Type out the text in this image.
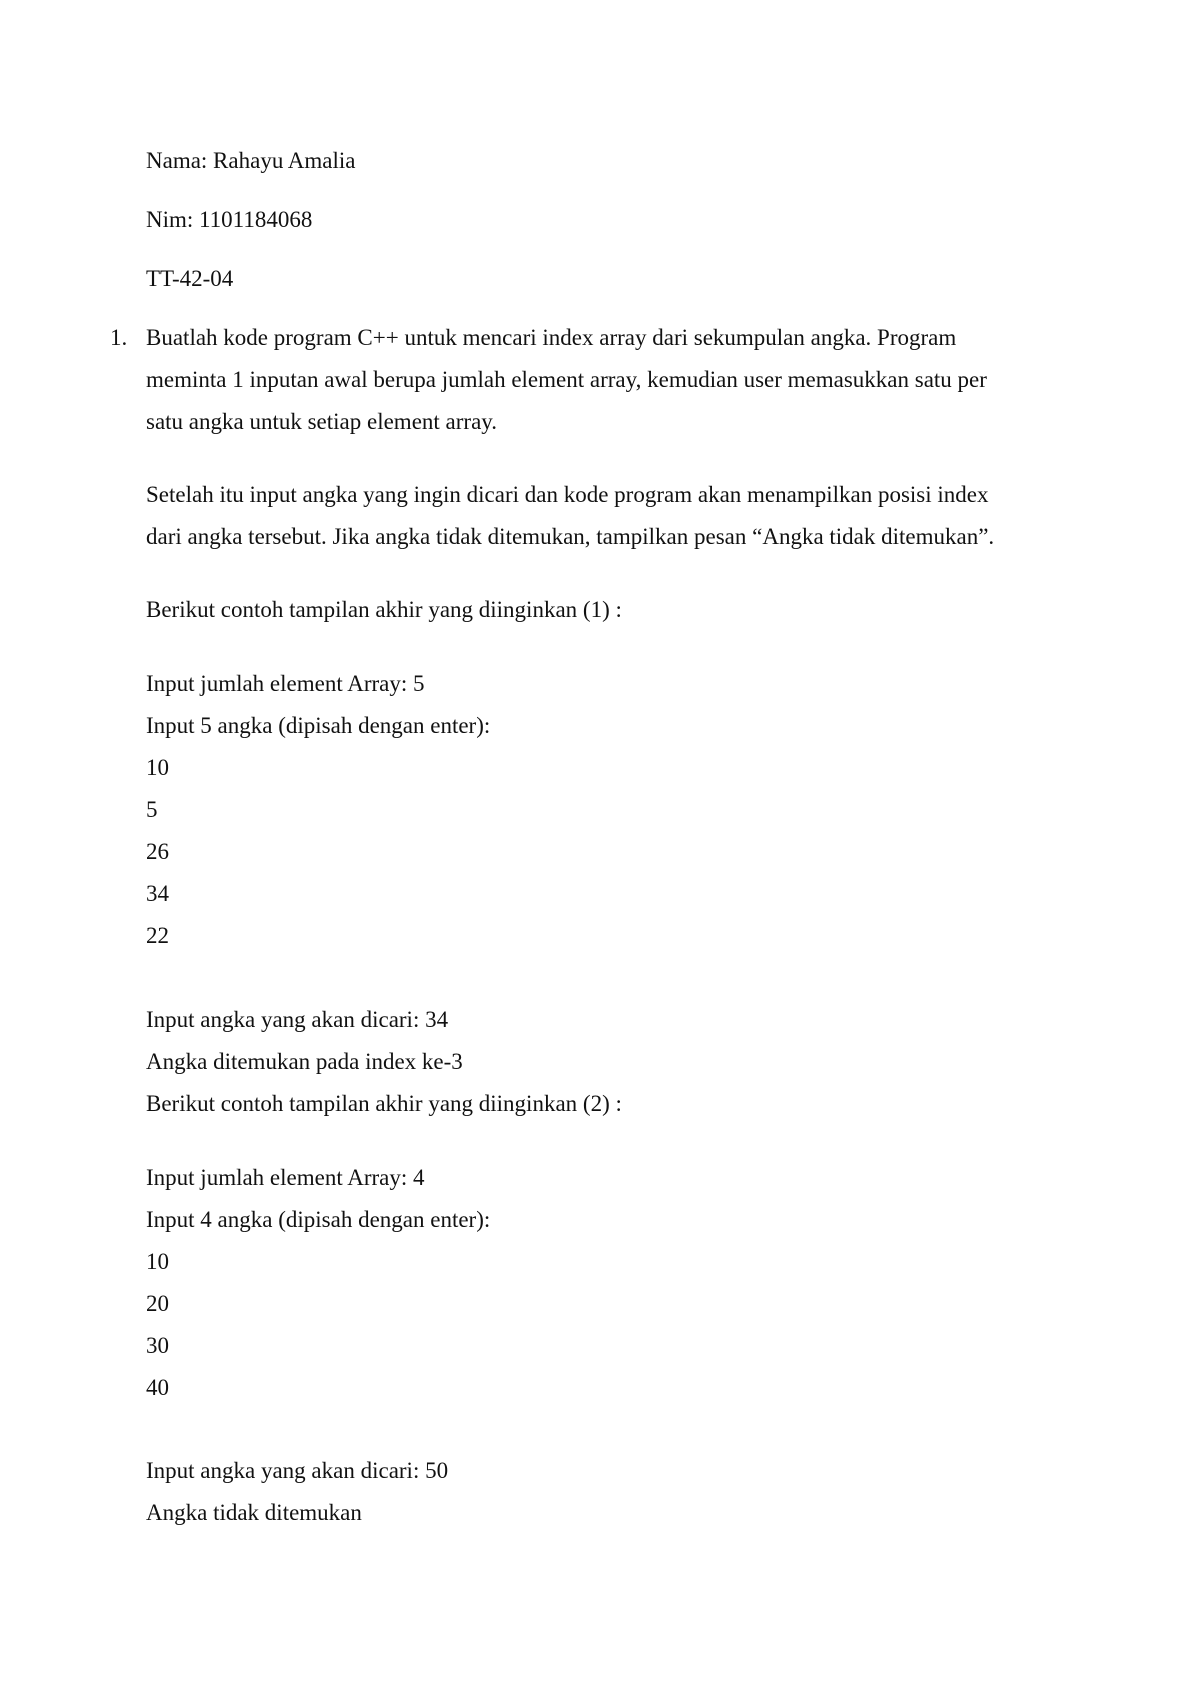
Nama: Rahayu Amalia
Nim: 1101184068
TT-42-04
1. Buatlah kode program C++ untuk mencari index array dari sekumpulan angka. Program
meminta 1 inputan awal berupa jumlah element array, kemudian user memasukkan satu per
satu angka untuk setiap element array.
Setelah itu input angka yang ingin dicari dan kode program akan menampilkan posisi index
dari angka tersebut. Jika angka tidak ditemukan, tampilkan pesan “Angka tidak ditemukan”.
Berikut contoh tampilan akhir yang diinginkan (1) :
Input jumlah element Array: 5
Input 5 angka (dipisah dengan enter):
10
5
26
34
22
Input angka yang akan dicari: 34
Angka ditemukan pada index ke-3
Berikut contoh tampilan akhir yang diinginkan (2) :
Input jumlah element Array: 4
Input 4 angka (dipisah dengan enter):
10
20
30
40
Input angka yang akan dicari: 50
Angka tidak ditemukan
